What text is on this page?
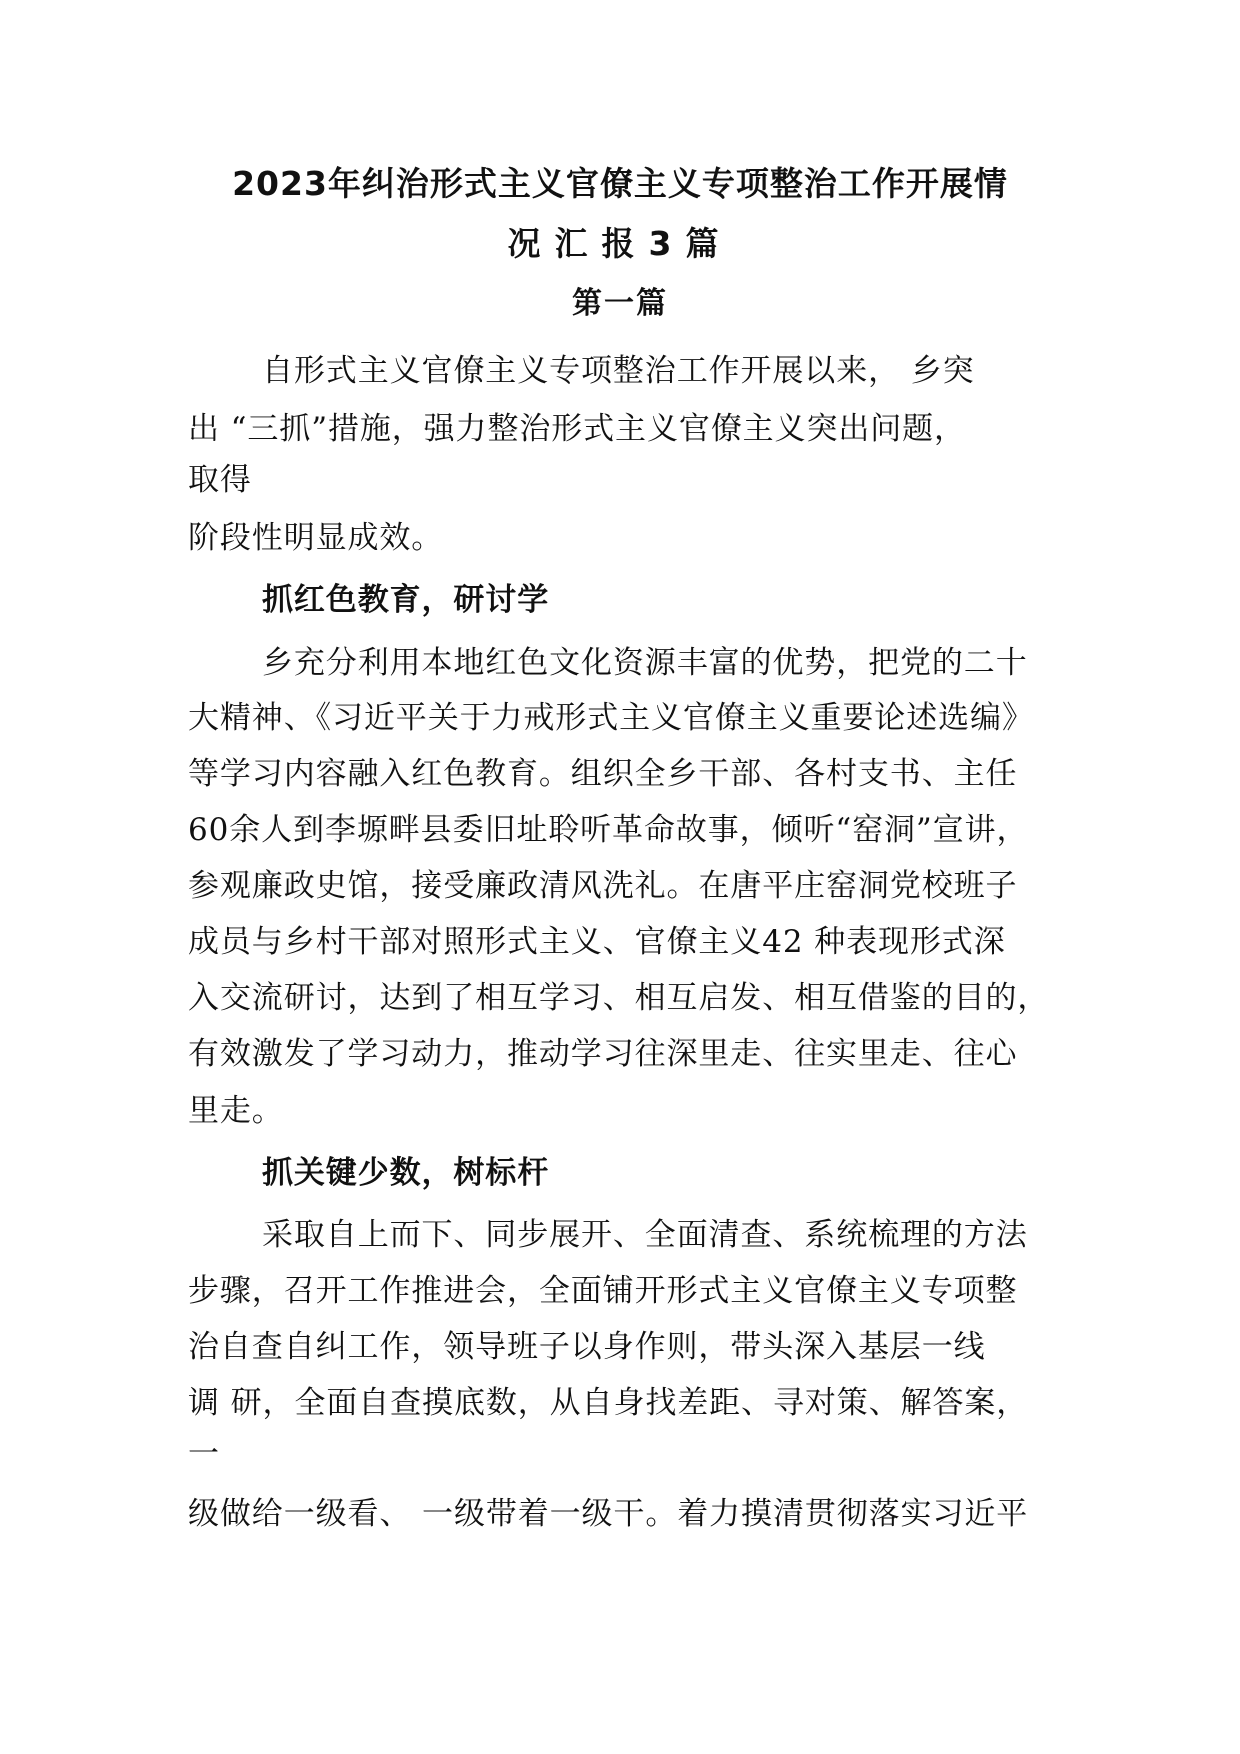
2023年纠治形式主义官僚主义专项整治工作开展情
况汇报3篇
第一篇

自形式主义官僚主义专项整治工作开展以来， 乡突

出 “三抓”措施，强力整治形式主义官僚主义突出问题，

取得

阶段性明显成效。

抓红色教育，研讨学

乡充分利用本地红色文化资源丰富的优势，把党的二十

大精神、《习近平关于力戒形式主义官僚主义重要论述选编》

等学习内容融入红色教育。组织全乡干部、各村支书、主任

60余人到李塬畔县委旧址聆听革命故事，倾听“窑洞”宣讲，

参观廉政史馆，接受廉政清风洗礼。在唐平庄窑洞党校班子

成员与乡村干部对照形式主义、官僚主义42 种表现形式深

入交流研讨，达到了相互学习、相互启发、相互借鉴的目的，

有效激发了学习动力，推动学习往深里走、往实里走、往心

里走。

抓关键少数，树标杆

采取自上而下、同步展开、全面清查、系统梳理的方法

步骤，召开工作推进会，全面铺开形式主义官僚主义专项整

治自查自纠工作，领导班子以身作则，带头深入基层一线

调 研，全面自查摸底数，从自身找差距、寻对策、解答案，

一

级做给一级看、 一级带着一级干。着力摸清贯彻落实习近平
